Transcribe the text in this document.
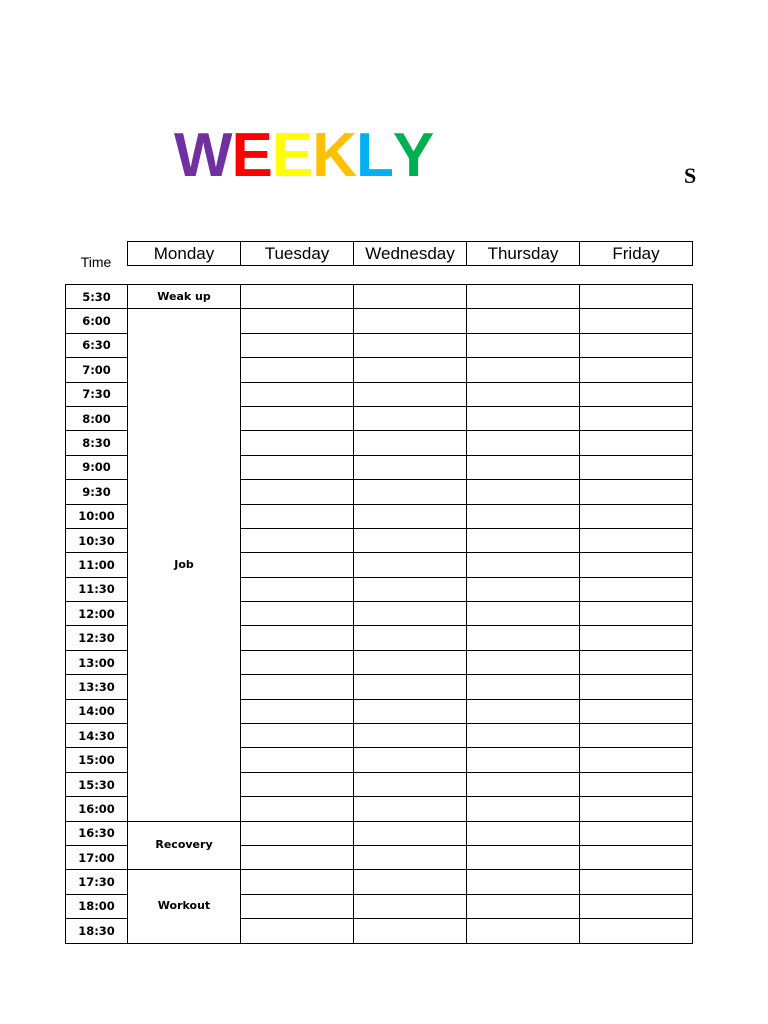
WEEKLY	S
Time	Monday	Tuesday	Wednesday	Thursday	Friday
5:30	Weak up				
6:00	Job				
6:30					
7:00					
7:30					
8:00					
8:30					
9:00					
9:30					
10:00					
10:30					
11:00					
11:30					
12:00					
12:30					
13:00					
13:30					
14:00					
14:30					
15:00					
15:30					
16:00					
16:30	Recovery				
17:00					
17:30	Workout				
18:00					
18:30					
